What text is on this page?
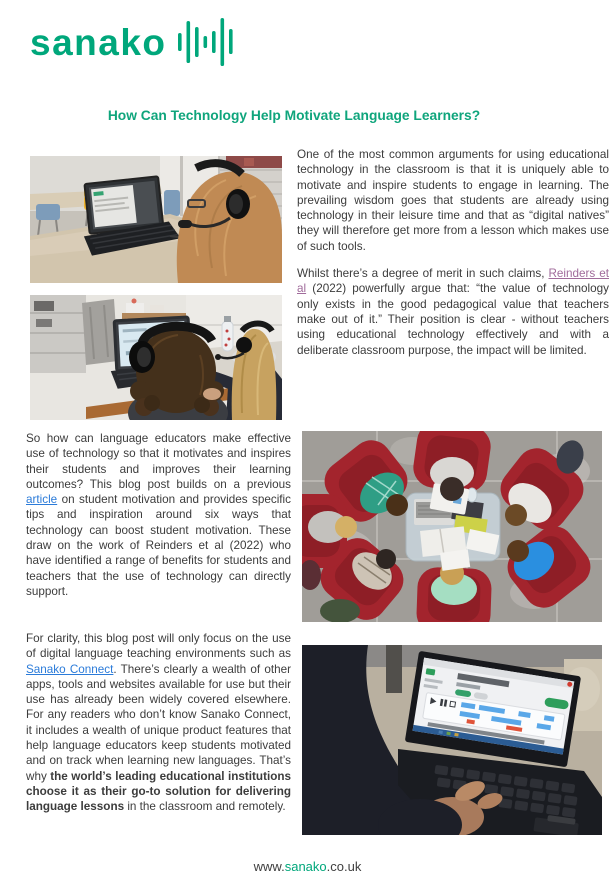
sanako
How Can Technology Help Motivate Language Learners?

One of the most common arguments for using educational technology in the classroom is that it is uniquely able to motivate and inspire students to engage in learning. The prevailing wisdom goes that students are already using technology in their leisure time and that as “digital natives” they will therefore get more from a lesson which makes use of such tools.

Whilst there’s a degree of merit in such claims, Reinders et al (2022) powerfully argue that: “the value of technology only exists in the good pedagogical value that teachers make out of it.” Their position is clear - without teachers using educational technology effectively and with a deliberate classroom purpose, the impact will be limited.

So how can language educators make effective use of technology so that it motivates and inspires their students and improves their learning outcomes? This blog post builds on a previous article on student motivation and provides specific tips and inspiration around six ways that technology can boost student motivation. These draw on the work of Reinders et al (2022) who have identified a range of benefits for students and teachers that the use of technology can directly support.

For clarity, this blog post will only focus on the use of digital language teaching environments such as Sanako Connect. There’s clearly a wealth of other apps, tools and websites available for use but their use has already been widely covered elsewhere. For any readers who don’t know Sanako Connect, it includes a wealth of unique product features that help language educators keep students motivated and on track when learning new languages. That’s why the world’s leading educational institutions choose it as their go-to solution for delivering language lessons in the classroom and remotely.

www.sanako.co.uk
